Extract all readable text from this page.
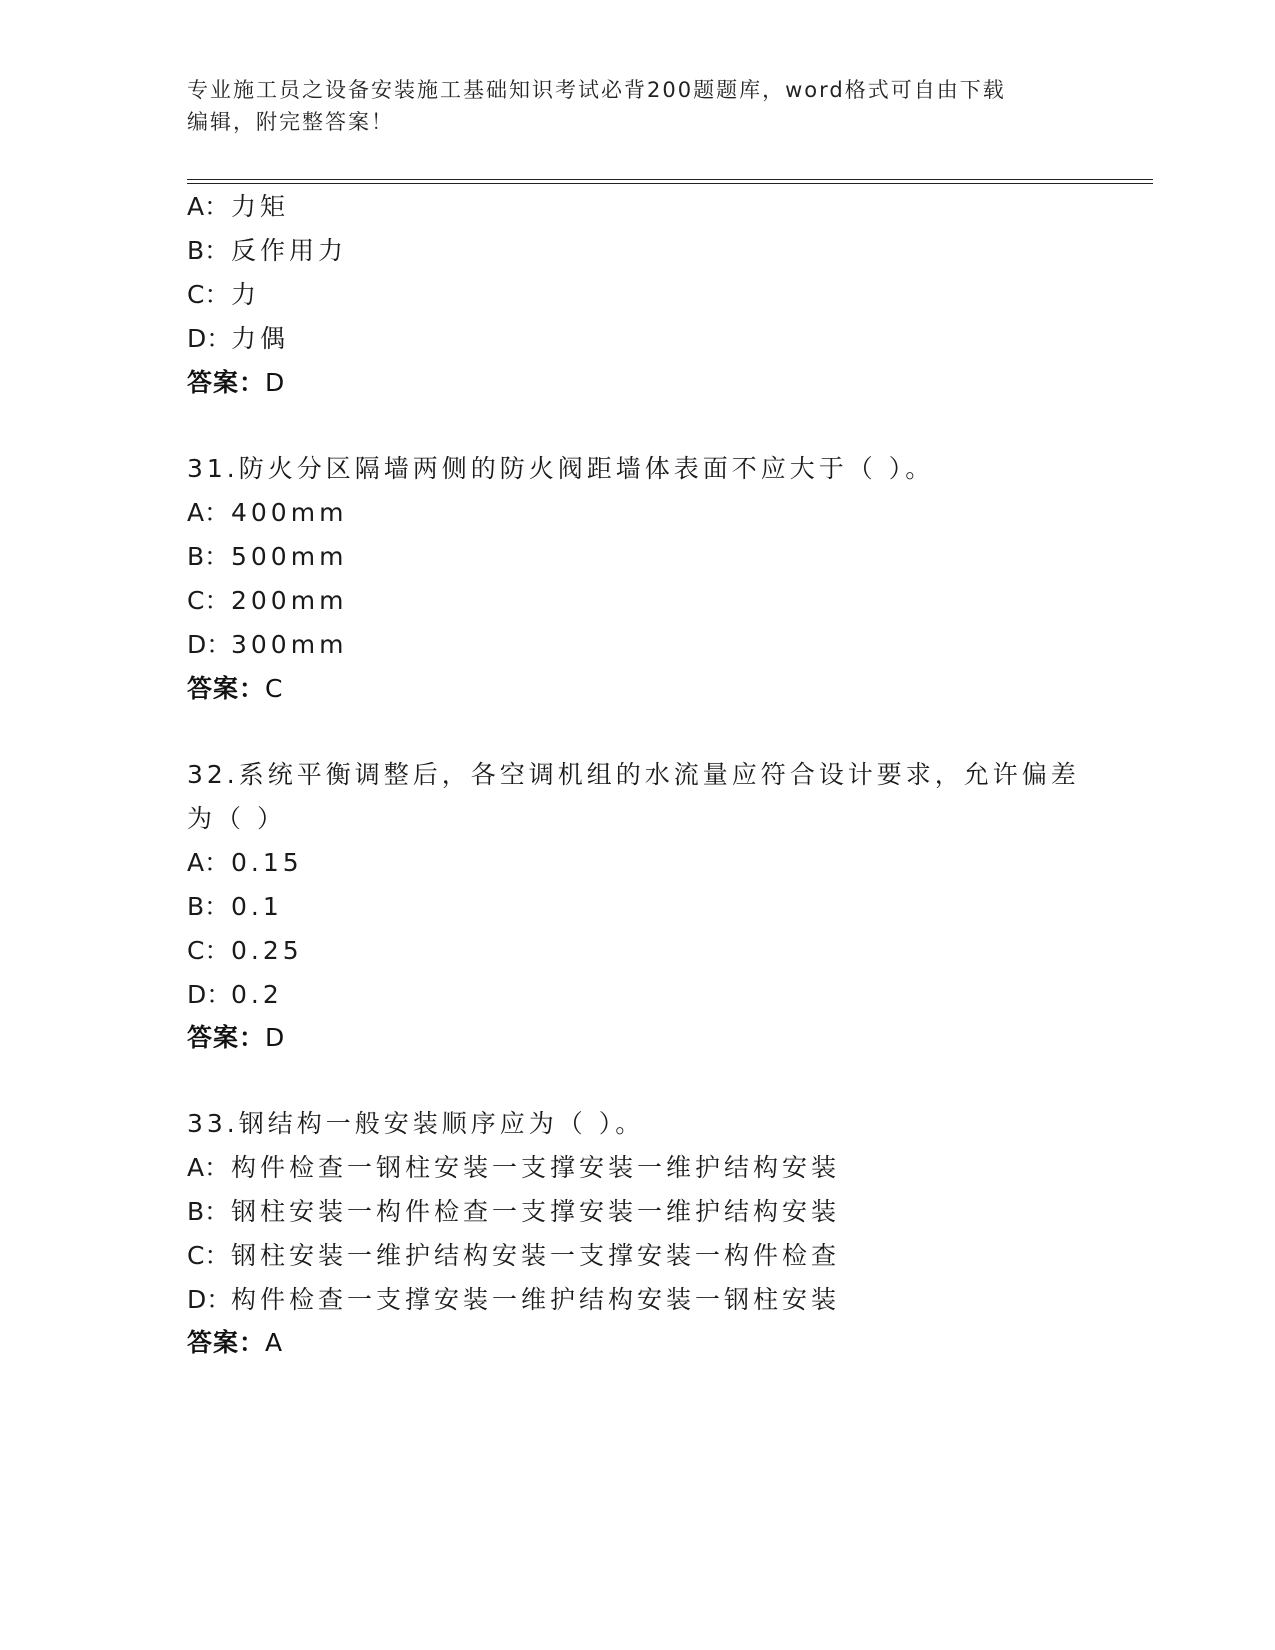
专业施工员之设备安装施工基础知识考试必背200题题库，word格式可自由下载
编辑，附完整答案！
A：力矩
B：反作用力
C：力
D：力偶
答案：D
31.防火分区隔墙两侧的防火阀距墙体表面不应大于（ ）。
A：400mm
B：500mm
C：200mm
D：300mm
答案：C
32.系统平衡调整后，各空调机组的水流量应符合设计要求，允许偏差
为（ ）
A：0.15
B：0.1
C：0.25
D：0.2
答案：D
33.钢结构一般安装顺序应为（ ）。
A：构件检查一钢柱安装一支撑安装一维护结构安装
B：钢柱安装一构件检查一支撑安装一维护结构安装
C：钢柱安装一维护结构安装一支撑安装一构件检查
D：构件检查一支撑安装一维护结构安装一钢柱安装
答案：A
